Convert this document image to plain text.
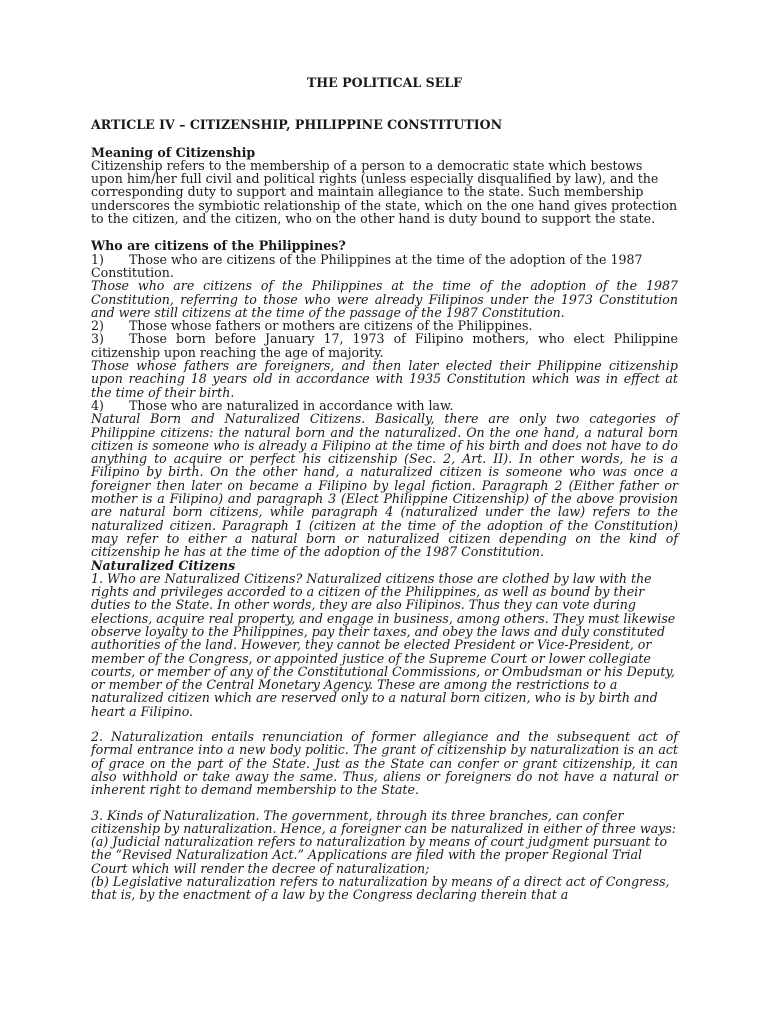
THE POLITICAL SELF
ARTICLE IV – CITIZENSHIP, PHILIPPINE CONSTITUTION
Meaning of Citizenship

Citizenship refers to the membership of a person to a democratic state which bestows upon him/her full civil and political rights (unless especially disqualified by law), and the corresponding duty to support and maintain allegiance to the state. Such membership underscores the symbiotic relationship of the state, which on the one hand gives protection to the citizen, and the citizen, who on the other hand is duty bound to support the state.

Who are citizens of the Philippines?

1) Those who are citizens of the Philippines at the time of the adoption of the 1987 Constitution.

Those who are citizens of the Philippines at the time of the adoption of the 1987 Constitution, referring to those who were already Filipinos under the 1973 Constitution and were still citizens at the time of the passage of the 1987 Constitution.

2) Those whose fathers or mothers are citizens of the Philippines.

3) Those born before January 17, 1973 of Filipino mothers, who elect Philippine citizenship upon reaching the age of majority.

Those whose fathers are foreigners, and then later elected their Philippine citizenship upon reaching 18 years old in accordance with 1935 Constitution which was in effect at the time of their birth.

4) Those who are naturalized in accordance with law.

Natural Born and Naturalized Citizens. Basically, there are only two categories of Philippine citizens: the natural born and the naturalized. On the one hand, a natural born citizen is someone who is already a Filipino at the time of his birth and does not have to do anything to acquire or perfect his citizenship (Sec. 2, Art. II). In other words, he is a Filipino by birth. On the other hand, a naturalized citizen is someone who was once a foreigner then later on became a Filipino by legal fiction. Paragraph 2 (Either father or mother is a Filipino) and paragraph 3 (Elect Philippine Citizenship) of the above provision are natural born citizens, while paragraph 4 (naturalized under the law) refers to the naturalized citizen. Paragraph 1 (citizen at the time of the adoption of the Constitution) may refer to either a natural born or naturalized citizen depending on the kind of citizenship he has at the time of the adoption of the 1987 Constitution.

Naturalized Citizens

1. Who are Naturalized Citizens? Naturalized citizens those are clothed by law with the rights and privileges accorded to a citizen of the Philippines, as well as bound by their duties to the State. In other words, they are also Filipinos. Thus they can vote during elections, acquire real property, and engage in business, among others. They must likewise observe loyalty to the Philippines, pay their taxes, and obey the laws and duly constituted authorities of the land. However, they cannot be elected President or Vice-President, or member of the Congress, or appointed justice of the Supreme Court or lower collegiate courts, or member of any of the Constitutional Commissions, or Ombudsman or his Deputy, or member of the Central Monetary Agency. These are among the restrictions to a naturalized citizen which are reserved only to a natural born citizen, who is by birth and heart a Filipino.

2. Naturalization entails renunciation of former allegiance and the subsequent act of formal entrance into a new body politic. The grant of citizenship by naturalization is an act of grace on the part of the State. Just as the State can confer or grant citizenship, it can also withhold or take away the same. Thus, aliens or foreigners do not have a natural or inherent right to demand membership to the State.

3. Kinds of Naturalization. The government, through its three branches, can confer citizenship by naturalization. Hence, a foreigner can be naturalized in either of three ways:

(a) Judicial naturalization refers to naturalization by means of court judgment pursuant to the “Revised Naturalization Act.” Applications are filed with the proper Regional Trial Court which will render the decree of naturalization;

(b) Legislative naturalization refers to naturalization by means of a direct act of Congress, that is, by the enactment of a law by the Congress declaring therein that a
